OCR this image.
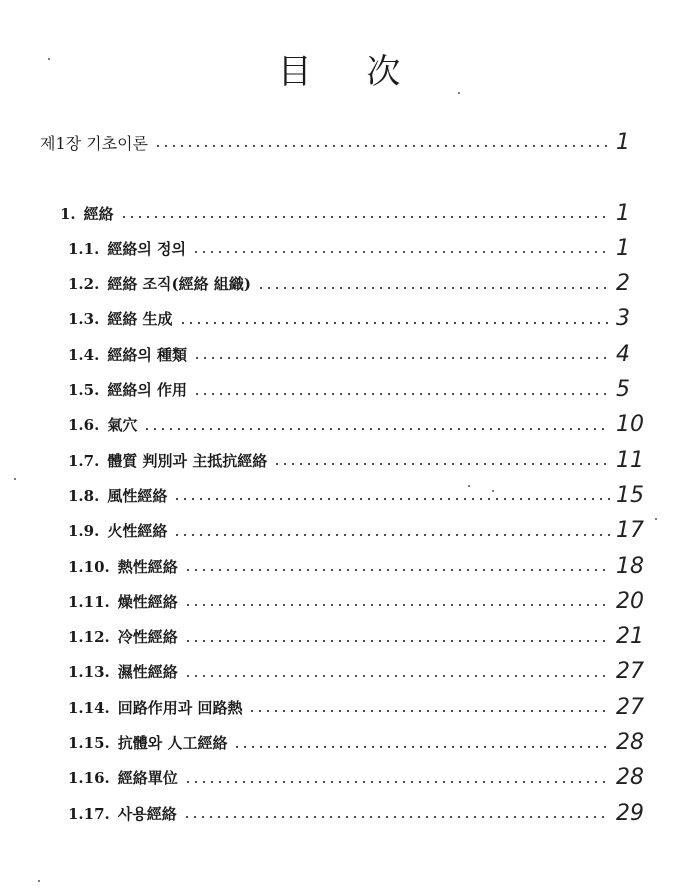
目 次
제1장 기초이론	1
1. 經絡	1
1.1. 經絡의 정의	1
1.2. 經絡 조직(經絡 組織)	2
1.3. 經絡 生成	3
1.4. 經絡의 種類	4
1.5. 經絡의 作用	5
1.6. 氣穴	10
1.7. 體質 判別과 主抵抗經絡	11
1.8. 風性經絡	15
1.9. 火性經絡	17
1.10. 熱性經絡	18
1.11. 燥性經絡	20
1.12. 冷性經絡	21
1.13. 濕性經絡	27
1.14. 回路作用과 回路熱	27
1.15. 抗體와 人工經絡	28
1.16. 經絡單位	28
1.17. 사용經絡	29
